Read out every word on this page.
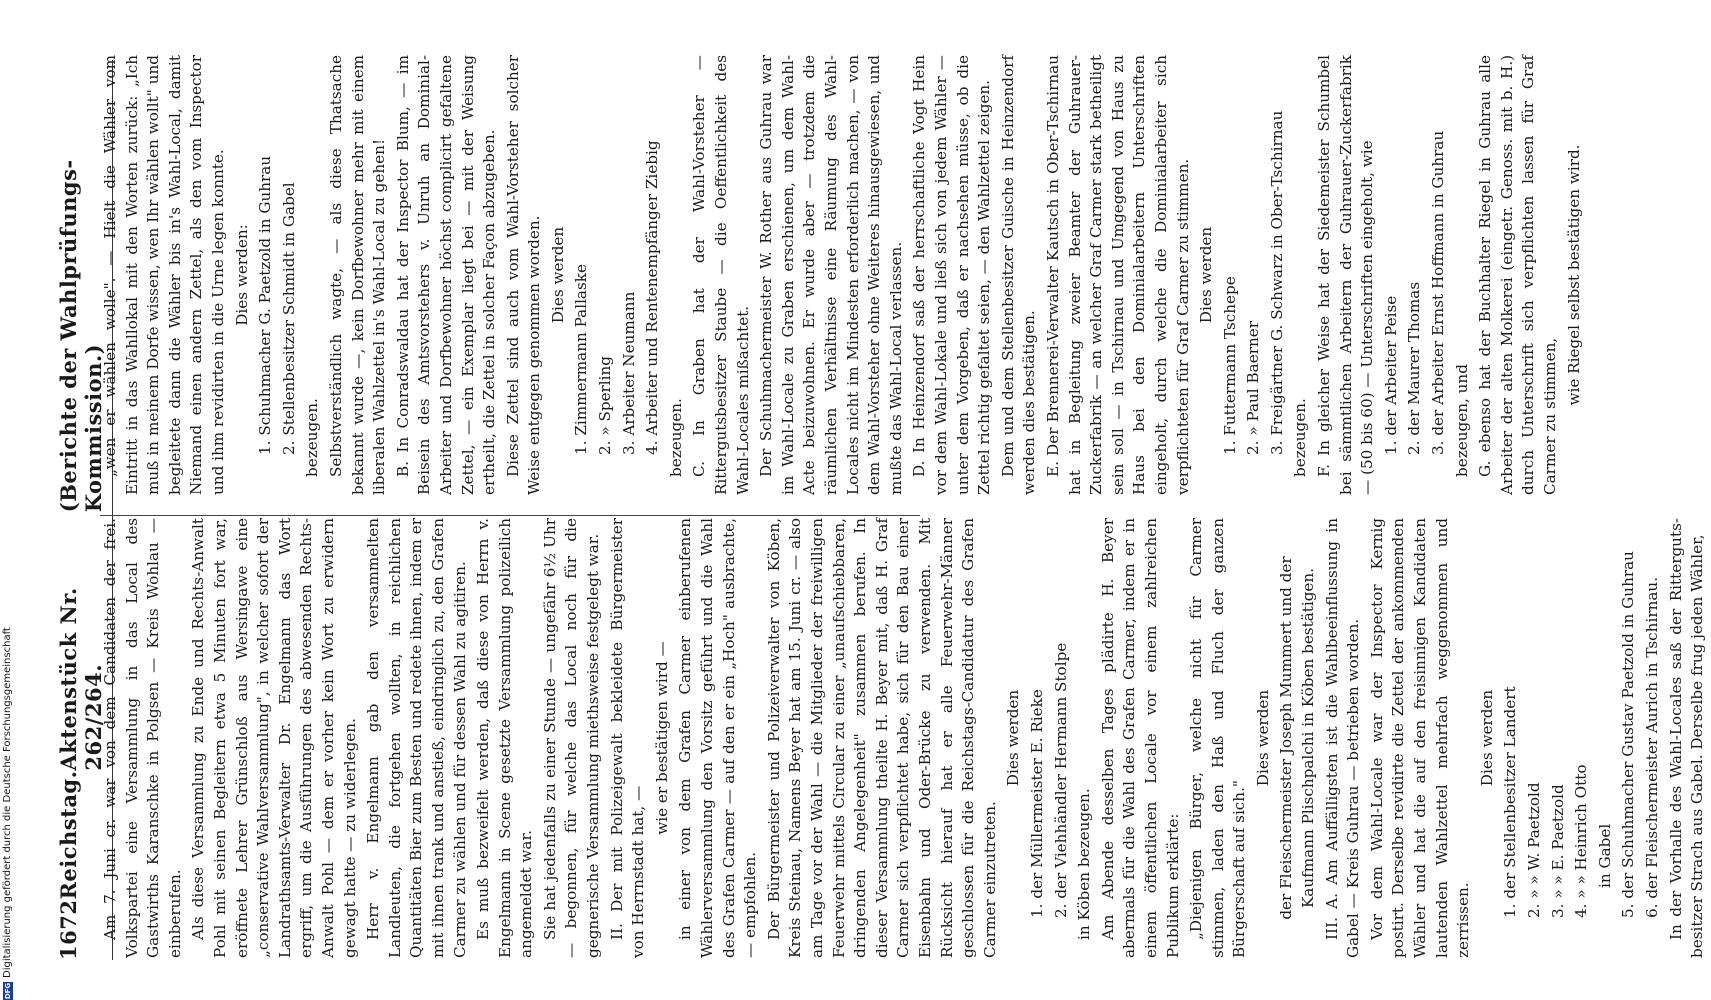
1672
Reichstag.
Aktenstück Nr. 262/264.
(Berichte der Wahlprüfungs-Kommission.)

Am 7. Juni cr. war von dem Candidaten der frei. Volkspartei eine Versammlung in das Local des Gastwirths Karanschke in Polgsen — Kreis Wohlau — einberufen. Als diese Versammlung zu Ende und Rechts-Anwalt Pohl mit seinen Begleitern etwa 5 Minuten fort war, eröffnete Lehrer Grünschloß aus Wersingawe eine „conservative Wahlversammlung", in welcher sofort der Landrathsamts-Verwalter Dr. Engelmann das Wort ergriff, um die Ausführungen des abwesenden Rechts-Anwalt Pohl — dem er vorher kein Wort zu erwidern gewagt hatte — zu widerlegen. Herr v. Engelmann gab den versammelten Landleuten, die fortgehen wollten, in reichlichen Quantitäten Bier zum Besten und redete ihnen, indem er mit ihnen trank und anstieß, eindringlich zu, den Grafen Carmer zu wählen und für dessen Wahl zu agitiren. Es muß bezweifelt werden, daß diese von Herrn v. Engelmann in Scene gesetzte Versammlung polizeilich angemeldet war. Sie hat jedenfalls zu einer Stunde — ungefähr 6½ Uhr — begonnen, für welche das Local noch für die gegnerische Versammlung miethsweise festgelegt war. II. Der mit Polizeigewalt bekleidete Bürgermeister von Herrnstadt hat, —

wie er bestätigen wird — in einer von dem Grafen Carmer einberufenen Wählerversammlung den Vorsitz geführt und die Wahl des Grafen Carmer — auf den er ein „Hoch" ausbrachte, — empfohlen. Der Bürgermeister und Polizeiverwalter von Köben, Kreis Steinau, Namens Beyer hat am 15. Juni cr. — also am Tage vor der Wahl — die Mitglieder der freiwilligen Feuerwehr mittels Circular zu einer „unaufschiebbaren, dringenden Angelegenheit" zusammen berufen. In dieser Versammlung theilte H. Beyer mit, daß H. Graf Carmer sich verpflichtet habe, sich für den Bau einer Eisenbahn und Oder-Brücke zu verwenden. Mit Rücksicht hierauf hat er alle Feuerwehr-Männer geschlossen für die Reichstags-Candidatur des Grafen Carmer einzutreten.

Dies werden 1. der Müllermeister E. Rieke 2. der Viehhändler Hermann Stolpe in Köben bezeugen. Am Abende desselben Tages plädirte H. Beyer abermals für die Wahl des Grafen Carmer, indem er in einem öffentlichen Locale vor einem zahlreichen Publikum erklärte: „Diejenigen Bürger, welche nicht für Carmer stimmen, laden den Haß und Fluch der ganzen Bürgerschaft auf sich."

Dies werden der Fleischermeister Joseph Mummert und der Kaufmann Plischpalchi in Köben bestätigen. III. A. Am Auffälligsten ist die Wahlbeeinflussung in Gabel — Kreis Guhrau — betrieben worden. Vor dem Wahl-Locale war der Inspector Kernig postirt. Derselbe revidirte die Zettel der ankommenden Wähler und hat die auf den freisinnigen Kandidaten lautenden Wahlzettel mehrfach weggenommen und zerrissen.

Dies werden 1. der Stellenbesitzer Landert 2. » » W. Paetzold 3. » » E. Paetzold 4. » » Heinrich Otto in Gabel 5. der Schuhmacher Gustav Paetzold in Guhrau 6. der Fleischermeister Aurich in Tschirnau. In der Vorhalle des Wahl-Locales saß der Ritterguts-besitzer Strach aus Gabel. Derselbe frug jeden Wähler,

„wen er wählen wolle". — Hielt die Wähler vom Eintritt in das Wahllokal mit den Worten zurück: „Ich muß in meinem Dorfe wissen, wen Ihr wählen wollt" und begleitete dann die Wähler bis in's Wahl-Local, damit Niemand einen andern Zettel, als den vom Inspector und ihm revidirten in die Urne legen konnte. Dies werden: 1. Schuhmacher G. Paetzold in Guhrau 2. Stellenbesitzer Schmidt in Gabel bezeugen. Selbstverständlich wagte, — als diese Thatsache bekannt wurde —, kein Dorfbewohner mehr mit einem liberalen Wahlzettel in's Wahl-Local zu gehen! B. In Conradswaldau hat der Inspector Blum, — im Beisein des Amtsvorstehers v. Unruh an Dominial-Arbeiter und Dorfbewohner höchst complicirt gefaltene Zettel, — ein Exemplar liegt bei — mit der Weisung ertheilt, die Zettel in solcher Façon abzugeben. Diese Zettel sind auch vom Wahl-Vorsteher solcher Weise entgegen genommen worden. Dies werden 1. Zimmermann Pallaske 2. » Sperling 3. Arbeiter Neumann 4. Arbeiter und Rentenempfänger Ziebig bezeugen. C. In Graben hat der Wahl-Vorsteher — Rittergutsbesitzer Staube — die Oeffentlichkeit des Wahl-Locales mißachtet. Der Schuhmachermeister W. Rother aus Guhrau war im Wahl-Locale zu Graben erschienen, um dem Wahl-Acte beizuwohnen. Er wurde aber — trotzdem die räumlichen Verhältnisse eine Räumung des Wahl-Locales nicht im Mindesten erforderlich machen, — von dem Wahl-Vorsteher ohne Weiteres hinausgewiesen, und mußte das Wahl-Local verlassen. D. In Heinzendorf saß der herrschaftliche Vogt Hein vor dem Wahl-Lokale und ließ sich von jedem Wähler — unter dem Vorgeben, daß er nachsehen müsse, ob die Zettel richtig gefaltet seien, — den Wahlzettel zeigen. Dem und dem Stellenbesitzer Guische in Heinzendorf werden dies bestätigen. E. Der Brennerei-Verwalter Kautsch in Ober-Tschirnau hat in Begleitung zweier Beamter der Guhrauer-Zuckerfabrik — an welcher Graf Carmer stark betheiligt sein soll — in Tschirnau und Umgegend von Haus zu Haus bei den Dominialarbeitern Unterschriften eingeholt, durch welche die Dominialarbeiter sich verpflichteten für Graf Carmer zu stimmen. Dies werden

1. Futtermann Tschepe 2. » Paul Baerner 3. Freigärtner G. Schwarz in Ober-Tschirnau bezeugen. F. In gleicher Weise hat der Siedemeister Schumbel bei sämmtlichen Arbeitern der Guhrauer-Zuckerfabrik — (50 bis 60) — Unterschriften eingeholt, wie 1. der Arbeiter Peise 2. der Maurer Thomas 3. der Arbeiter Ernst Hoffmann in Guhrau bezeugen, und G. ebenso hat der Buchhalter Riegel in Guhrau alle Arbeiter der alten Molkerei (eingetr. Genoss. mit b. H.) durch Unterschrift sich verpflichten lassen für Graf Carmer zu stimmen,

wie Riegel selbst bestätigen wird.

DFG
Digitalisierung gefördert durch die Deutsche Forschungsgemeinschaft
